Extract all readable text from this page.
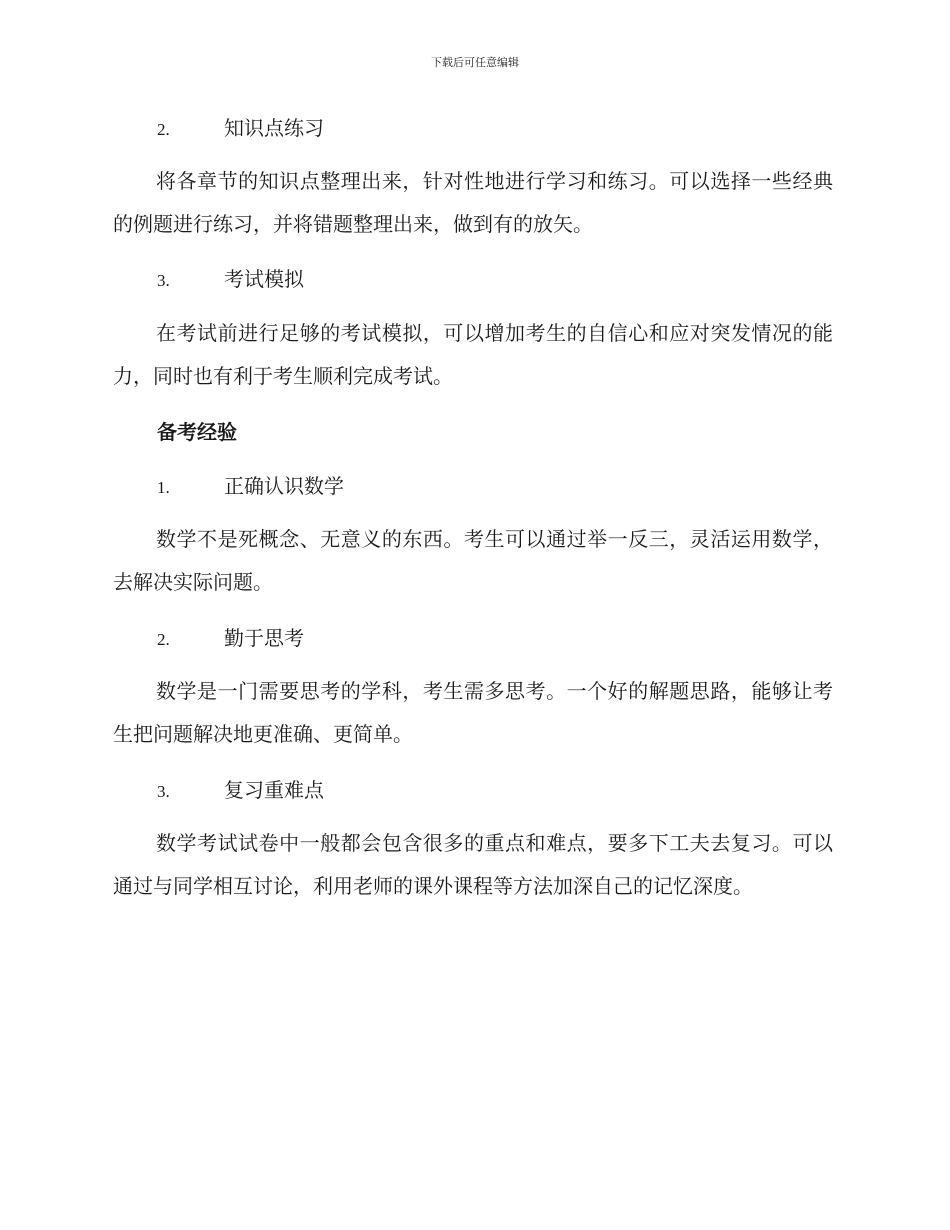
下载后可任意编辑
2.	知识点练习
将各章节的知识点整理出来，针对性地进行学习和练习。可以选择一些经典的例题进行练习，并将错题整理出来，做到有的放矢。
3.	考试模拟
在考试前进行足够的考试模拟，可以增加考生的自信心和应对突发情况的能力，同时也有利于考生顺利完成考试。
备考经验
1.	正确认识数学
数学不是死概念、无意义的东西。考生可以通过举一反三，灵活运用数学，去解决实际问题。
2.	勤于思考
数学是一门需要思考的学科，考生需多思考。一个好的解题思路，能够让考生把问题解决地更准确、更简单。
3.	复习重难点
数学考试试卷中一般都会包含很多的重点和难点，要多下工夫去复习。可以通过与同学相互讨论，利用老师的课外课程等方法加深自己的记忆深度。
